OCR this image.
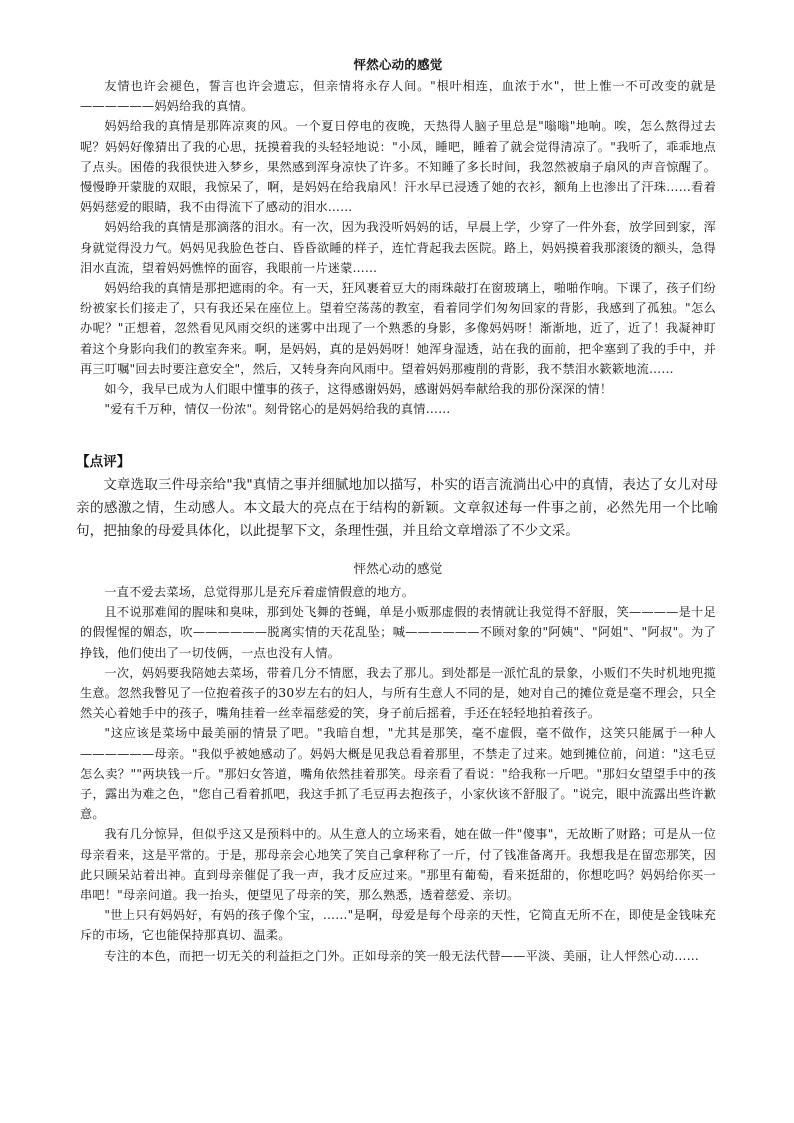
怦然心动的感觉

友情也许会褪色，誓言也许会遗忘，但亲情将永存人间。"根叶相连，血浓于水"，世上惟一不可改变的就是——————妈妈给我的真情。

妈妈给我的真情是那阵凉爽的风。一个夏日停电的夜晚，天热得人脑子里总是"嗡嗡"地响。唉，怎么熬得过去呢？妈妈好像猜出了我的心思，抚摸着我的头轻轻地说："小凤，睡吧，睡着了就会觉得清凉了。"我听了，乖乖地点了点头。困倦的我很快进入梦乡，果然感到浑身凉快了许多。不知睡了多长时间，我忽然被扇子扇风的声音惊醒了。慢慢睁开蒙胧的双眼，我惊呆了，啊，是妈妈在给我扇风！汗水早已浸透了她的衣衫，额角上也渗出了汗珠……看着妈妈慈爱的眼睛，我不由得流下了感动的泪水……

妈妈给我的真情是那滴落的泪水。有一次，因为我没听妈妈的话，早晨上学，少穿了一件外套，放学回到家，浑身就觉得没力气。妈妈见我脸色苍白、昏昏欲睡的样子，连忙背起我去医院。路上，妈妈摸着我那滚烫的额头，急得泪水直流，望着妈妈憔悴的面容，我眼前一片迷蒙……

妈妈给我的真情是那把遮雨的伞。有一天，狂风裹着豆大的雨珠敲打在窗玻璃上，啪啪作响。下课了，孩子们纷纷被家长们接走了，只有我还呆在座位上。望着空荡荡的教室，看着同学们匆匆回家的背影，我感到了孤独。"怎么办呢？"正想着，忽然看见风雨交织的迷雾中出现了一个熟悉的身影，多像妈妈呀！渐渐地，近了，近了！我凝神盯着这个身影向我们的教室奔来。啊，是妈妈，真的是妈妈呀！她浑身湿透，站在我的面前，把伞塞到了我的手中，并再三叮嘱"回去时要注意安全"，然后，又转身奔向风雨中。望着妈妈那瘦削的背影，我不禁泪水簌簌地流……

如今，我早已成为人们眼中懂事的孩子，这得感谢妈妈，感谢妈妈奉献给我的那份深深的情！

"爱有千万种，情仅一份浓"。刻骨铭心的是妈妈给我的真情……

【点评】

文章选取三件母亲给"我"真情之事并细腻地加以描写，朴实的语言流淌出心中的真情，表达了女儿对母亲的感激之情，生动感人。本文最大的亮点在于结构的新颖。文章叙述每一件事之前，必然先用一个比喻句，把抽象的母爱具体化，以此提挈下文，条理性强，并且给文章增添了不少文采。

怦然心动的感觉

一直不爱去菜场，总觉得那儿是充斥着虚情假意的地方。

且不说那难闻的腥味和臭味，那到处飞舞的苍蝇，单是小贩那虚假的表情就让我觉得不舒服，笑————是十足的假惺惺的媚态，吹——————脱离实情的天花乱坠；喊——————不顾对象的"阿姨"、"阿姐"、"阿叔"。为了挣钱，他们使出了一切伎俩，一点也没有人情。

一次，妈妈要我陪她去菜场，带着几分不情愿，我去了那儿。到处都是一派忙乱的景象，小贩们不失时机地兜揽生意。忽然我瞥见了一位抱着孩子的30岁左右的妇人，与所有生意人不同的是，她对自己的摊位竟是毫不理会，只全然关心着她手中的孩子，嘴角挂着一丝幸福慈爱的笑，身子前后摇着，手还在轻轻地拍着孩子。

"这应该是菜场中最美丽的情景了吧。"我暗自想，"尤其是那笑，毫不虚假，毫不做作，这笑只能属于一种人——————母亲。"我似乎被她感动了。妈妈大概是见我总看着那里，不禁走了过来。她到摊位前，问道："这毛豆怎么卖？""两块钱一斤。"那妇女答道，嘴角依然挂着那笑。母亲看了看说："给我称一斤吧。"那妇女望望手中的孩子，露出为难之色，"您自己看着抓吧，我这手抓了毛豆再去抱孩子，小家伙该不舒服了。"说完，眼中流露出些许歉意。

我有几分惊异，但似乎这又是预料中的。从生意人的立场来看，她在做一件"傻事"，无故断了财路；可是从一位母亲看来，这是平常的。于是，那母亲会心地笑了笑自己拿秤称了一斤，付了钱准备离开。我想我是在留恋那笑，因此只顾呆站着出神。直到母亲催促了我一声，我才反应过来。"那里有葡萄，看来挺甜的，你想吃吗？妈妈给你买一串吧！"母亲问道。我一抬头，便望见了母亲的笑，那么熟悉，透着慈爱、亲切。

"世上只有妈妈好，有妈的孩子像个宝，……"是啊，母爱是每个母亲的天性，它简直无所不在，即使是金钱味充斥的市场，它也能保持那真切、温柔。

专注的本色，而把一切无关的利益拒之门外。正如母亲的笑一般无法代替——平淡、美丽，让人怦然心动……
